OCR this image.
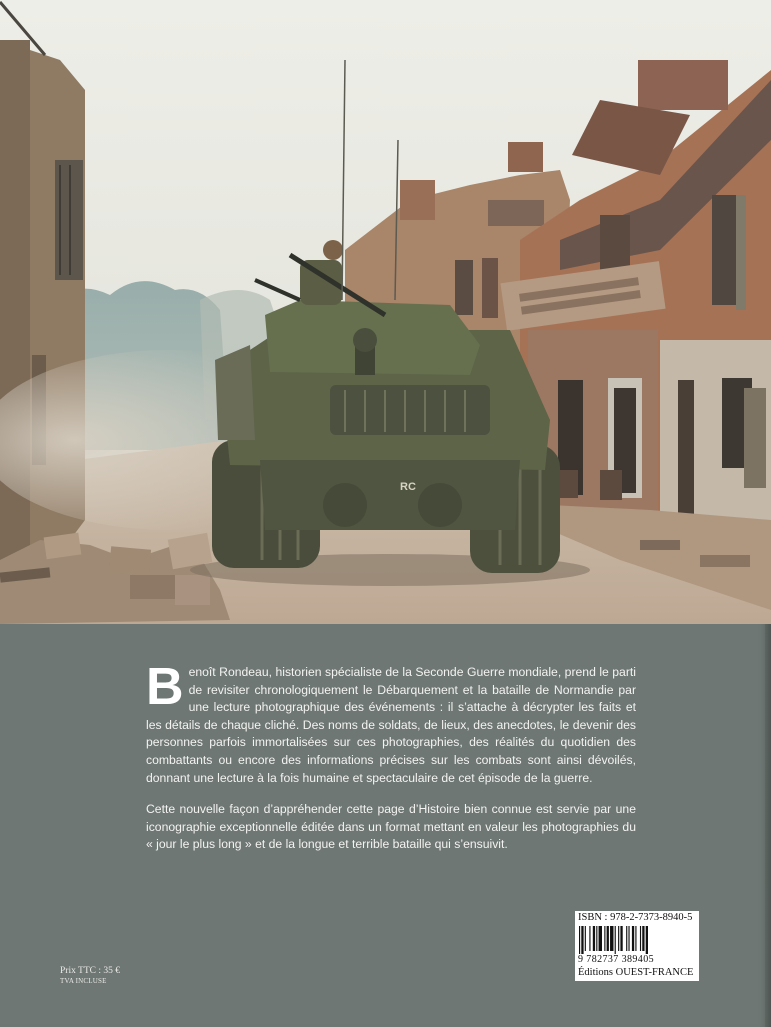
RC

Benoît Rondeau, historien spécialiste de la Seconde Guerre mondiale, prend le parti de revisiter chronologiquement le Débarquement et la bataille de Normandie par une lecture photographique des événements : il s’attache à décrypter les faits et les détails de chaque cliché. Des noms de soldats, de lieux, des anecdotes, le devenir des personnes parfois immortalisées sur ces photographies, des réalités du quotidien des combattants ou encore des informations précises sur les combats sont ainsi dévoilés, donnant une lecture à la fois humaine et spectaculaire de cet épisode de la guerre.

Cette nouvelle façon d’appréhender cette page d’Histoire bien connue est servie par une iconographie exceptionnelle éditée dans un format mettant en valeur les photographies du « jour le plus long » et de la longue et terrible bataille qui s’ensuivit.

Prix TTC : 35 €
TVA INCLUSE
ISBN : 978-2-7373-8940-5
9 782737 389405
Éditions OUEST-FRANCE
